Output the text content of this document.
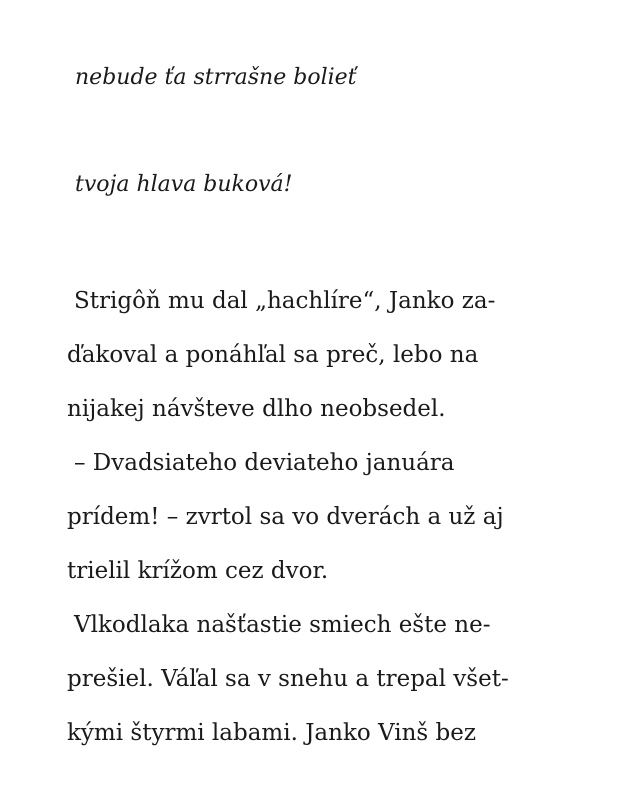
nebude ťa strrašne bolieť
tvoja hlava buková!
Strigôň mu dal „hachlíre“, Janko za-
ďakoval a ponáhľal sa preč, lebo na
nijakej návšteve dlho neobsedel.
– Dvadsiateho deviateho januára
prídem! – zvrtol sa vo dverách a už aj
trielil krížom cez dvor.
Vlkodlaka našťastie smiech ešte ne-
prešiel. Váľal sa v snehu a trepal všet-
kými štyrmi labami. Janko Vinš bez
